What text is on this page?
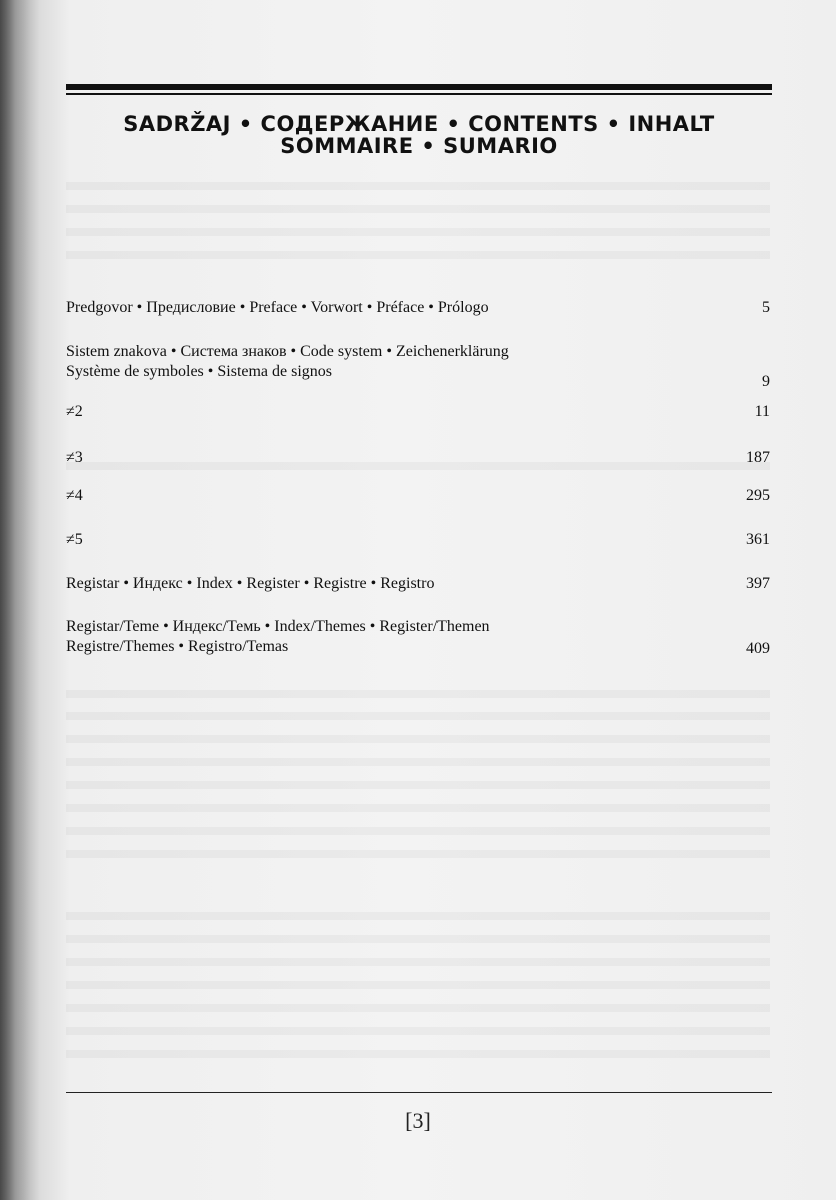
SADRŽAJ • СОДЕРЖАНИЕ • CONTENTS • INHALT
SOMMAIRE • SUMARIO
Predgovor • Предисловие • Preface • Vorwort • Préface • Prólogo	5
Sistem znakova • Система знаков • Code system • Zeichenerklärung
Système de symboles • Sistema de signos
9
≠2	11
≠3	187
≠4	295
≠5	361
Registar • Индекс • Index • Register • Registre • Registro	397
Registar/Teme • Индекс/Темь • Index/Themes • Register/Themen
Registre/Themes • Registro/Temas	409
[3]
